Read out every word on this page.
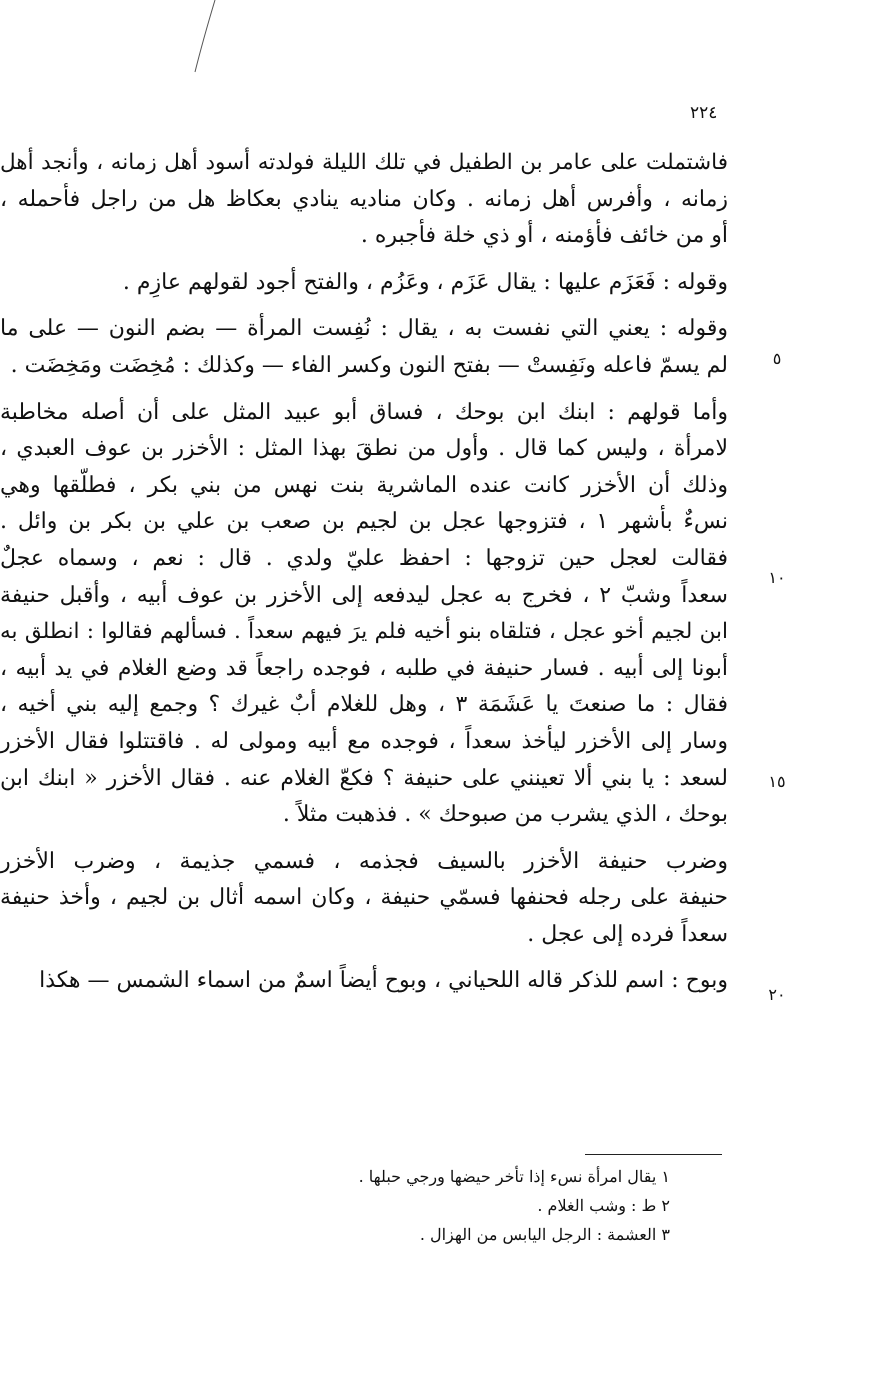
٢٢٤
فاشتملت على عامر بن الطفيل في تلك الليلة فولدته أسود أهل زمانه ، وأنجد أهل
زمانه ، وأفرس أهل زمانه . وكان مناديه ينادي بعكاظ هل من راجل فأحمله ،
أو من خائف فأؤمنه ، أو ذي خلة فأجبره .
وقوله : فَعَزَم عليها : يقال عَزَم ، وعَزُم ، والفتح أجود لقولهم عازِم .
وقوله : يعني التي نفست به ، يقال : نُفِست المرأة — بضم النون — على ما
لم يسمّ فاعله ونَفِستْ — بفتح النون وكسر الفاء — وكذلك : مُخِضَت ومَخِضَت .
وأما قولهم : ابنك ابن بوحك ، فساق أبو عبيد المثل على أن أصله مخاطبة
لامرأة ، وليس كما قال . وأول من نطقَ بهذا المثل : الأخزر بن عوف العبدي ،
وذلك أن الأخزر كانت عنده الماشرية بنت نهس من بني بكر ، فطلّقها وهي
نسءٌ بأشهر ١ ، فتزوجها عجل بن لجيم بن صعب بن علي بن بكر بن وائل .
فقالت لعجل حين تزوجها : احفظ عليّ ولدي . قال : نعم ، وسماه عجلٌ
سعداً وشبّ ٢ ، فخرج به عجل ليدفعه إلى الأخزر بن عوف أبيه ، وأقبل حنيفة
ابن لجيم أخو عجل ، فتلقاه بنو أخيه فلم يرَ فيهم سعداً . فسألهم فقالوا : انطلق به
أبونا إلى أبيه . فسار حنيفة في طلبه ، فوجده راجعاً قد وضع الغلام في يد أبيه ،
فقال : ما صنعتَ يا عَشَمَة ٣ ، وهل للغلام أبٌ غيرك ؟ وجمع إليه بني أخيه ،
وسار إلى الأخزر ليأخذ سعداً ، فوجده مع أبيه ومولى له . فاقتتلوا فقال الأخزر
لسعد : يا بني ألا تعينني على حنيفة ؟ فكعّ الغلام عنه . فقال الأخزر « ابنك ابن
بوحك ، الذي يشرب من صبوحك » . فذهبت مثلاً .
وضرب حنيفة الأخزر بالسيف فجذمه ، فسمي جذيمة ، وضرب الأخزر
حنيفة على رجله فحنفها فسمّي حنيفة ، وكان اسمه أثال بن لجيم ، وأخذ حنيفة
سعداً فرده إلى عجل .
وبوح : اسم للذكر قاله اللحياني ، وبوح أيضاً اسمٌ من اسماء الشمس — هكذا
٥
١٠
١٥
٢٠
١ يقال امرأة نسء إذا تأخر حيضها ورجي حبلها .
٢ ط : وشب الغلام .
٣ العشمة : الرجل اليابس من الهزال .
